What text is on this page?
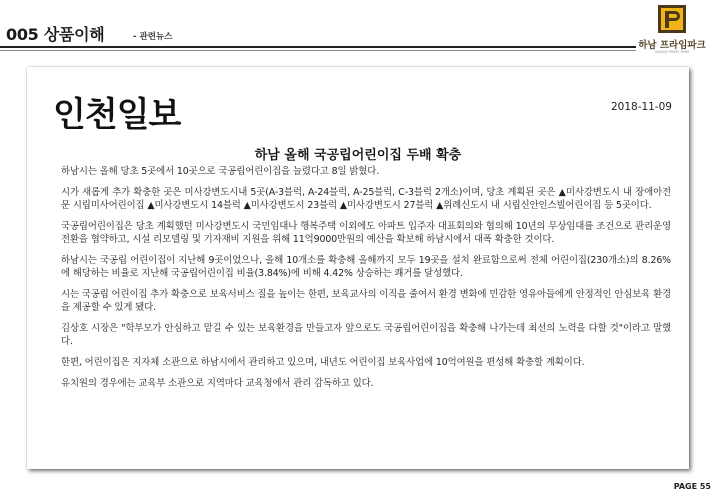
005 상품이해	- 관련뉴스
하남 프라임파크
HANAM PRIME PARK
인천일보	2018-11-09
하남 올해 국공립어린이집 두배 확충

하남시는 올해 당초 5곳에서 10곳으로 국공립어린이집을 늘렸다고 8일 밝혔다.

시가 새롭게 추가 확충한 곳은 미사강변도시내 5곳(A-3블럭, A-24블럭, A-25블럭, C-3블럭 2개소)이며, 당초 계획된 곳은 ▲미사강변도시 내 장애아전문 시립미사어린이집 ▲미사강변도시 14블럭 ▲미사강변도시 23블럭 ▲미사강변도시 27블럭 ▲위례신도시 내 시립신안인스빌어린이집 등 5곳이다.

국공립어린이집은 당초 계획했던 미사강변도시 국민임대나 행복주택 이외에도 아파트 입주자 대표회의와 협의해 10년의 무상임대를 조건으로 관리운영 전환을 협약하고, 시설 리모델링 및 기자재비 지원을 위해 11억9000만원의 예산을 확보해 하남시에서 대폭 확충한 것이다.

하남시는 국공립 어린이집이 지난해 9곳이었으나, 올해 10개소를 확충해 올해까지 모두 19곳을 설치 완료함으로써 전체 어린이집(230개소)의 8.26%에 해당하는 비율로 지난해 국공립어린이집 비율(3.84%)에 비해 4.42% 상승하는 쾌거를 달성했다.

시는 국공립 어린이집 추가 확충으로 보육서비스 질을 높이는 한편, 보육교사의 이직을 줄여서 환경 변화에 민감한 영유아들에게 안정적인 안심보육 환경을 제공할 수 있게 됐다.

김상호 시장은 "학부모가 안심하고 맡길 수 있는 보육환경을 만들고자 앞으로도 국공립어린이집을 확충해 나가는데 최선의 노력을 다할 것"이라고 말했다.

한편, 어린이집은 지자체 소관으로 하남시에서 관리하고 있으며, 내년도 어린이집 보육사업에 10억여원을 편성해 확충할 계획이다.

유치원의 경우에는 교육부 소관으로 지역마다 교육청에서 관리 감독하고 있다.

PAGE 55
